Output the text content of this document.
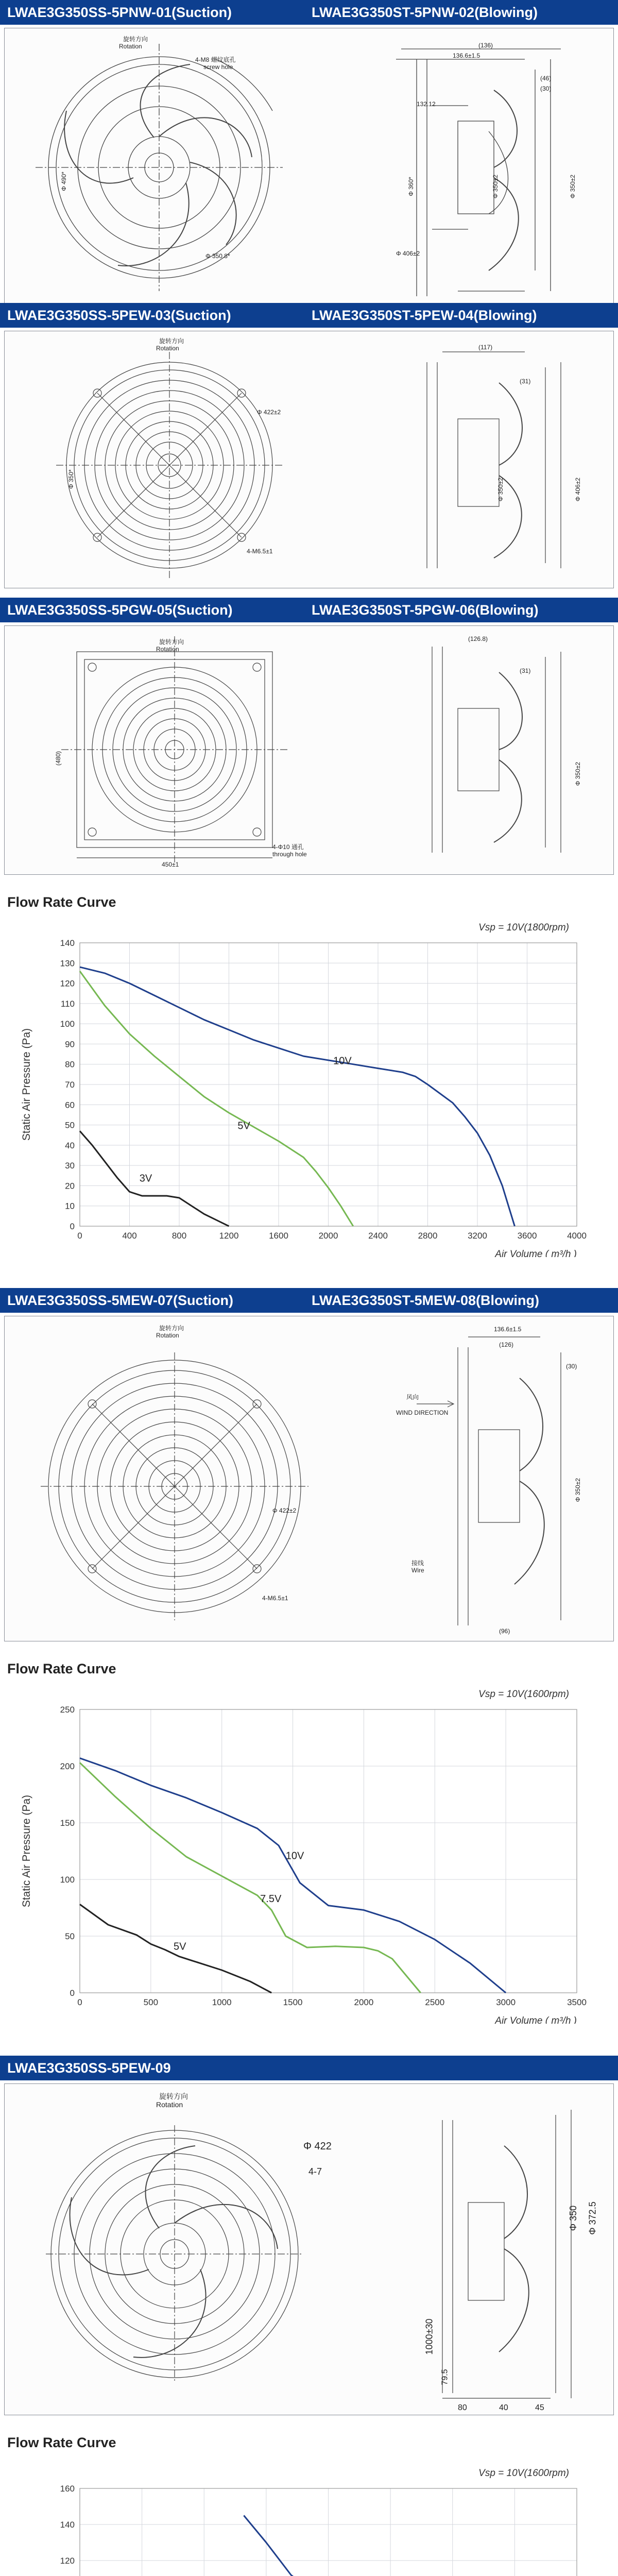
LWAE3G350SS-5PNW-01(Suction)	LWAE3G350ST-5PNW-02(Blowing)
旋转方向
Rotation
4-M8 螺纹底孔
screw hole
Φ 490*
Φ 350.8*
136.6±1.5
(136)
(46)
(30)
132.12
Φ 360*	Φ 350±2	Φ 350±2
Φ 406±2
LWAE3G350SS-5PEW-03(Suction)	LWAE3G350ST-5PEW-04(Blowing)
旋转方向
Rotation
Φ 422±2
Φ 350*
4-M6.5±1
(117)
(31)
Φ 350±2	Φ 406±2
LWAE3G350SS-5PGW-05(Suction)	LWAE3G350ST-5PGW-06(Blowing)
旋转方向
Rotation
4-Φ10 通孔
through hole
450±1
(480)
(126.8)
(31)
Φ 350±2
Flow Rate Curve
0	400	800	1200	1600	2000	2400	2800	3200	3600	4000
0
10
20
30
40
50
60
70
80
90
100
110
120
130
140
Static Air Pressure (Pa)
Air Volume ( m³/h )
Vsp = 10V(1800rpm)
10V
5V
3V
LWAE3G350SS-5MEW-07(Suction)	LWAE3G350ST-5MEW-08(Blowing)
旋转方向
Rotation
Φ 422±2
4-M6.5±1
风向
WIND DIRECTION
136.6±1.5
(126)
(30)
Φ 350±2
接线
Wire
(96)
Flow Rate Curve
0	500	1000	1500	2000	2500	3000	3500
0
50
100
150
200
250
Static Air Pressure (Pa)
Air Volume ( m³/h )
Vsp = 10V(1600rpm)
10V
7.5V
5V
LWAE3G350SS-5PEW-09
旋转方向
Rotation
Φ 422
4-7
Φ 350 Φ 372.5
1000±30
79.5
80	40	45
Flow Rate Curve
120
140
160
Vsp = 10V(1600rpm)
